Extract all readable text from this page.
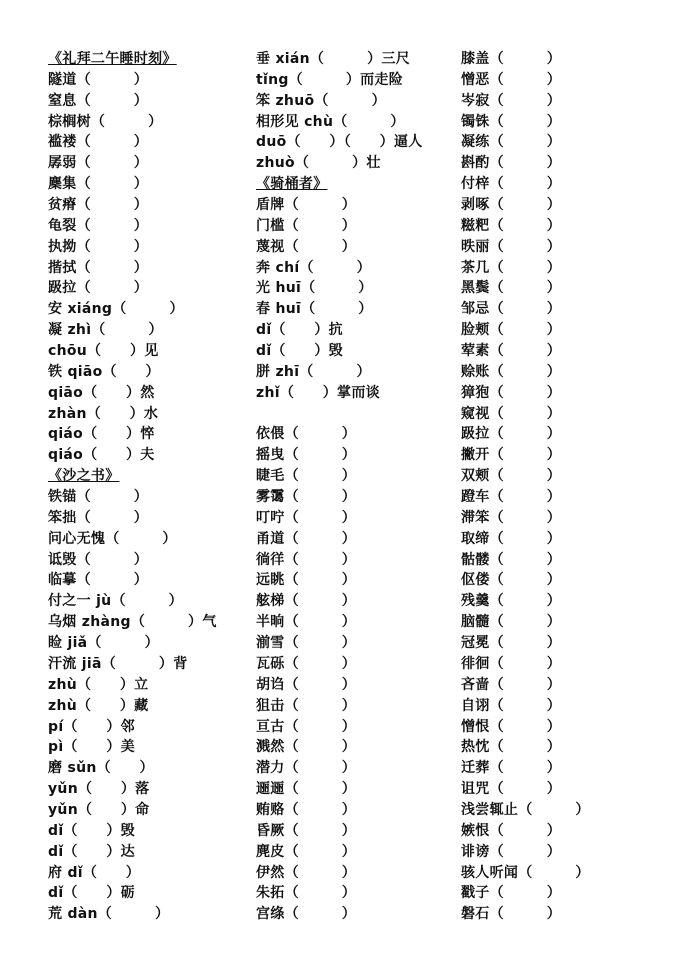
《礼拜二午睡时刻》
隧道（　　　）
窒息（　　　）
棕榈树（　　　）
褴褛（　　　）
孱弱（　　　）
麇集（　　　）
贫瘠（　　　）
龟裂（　　　）
执拗（　　　）
揩拭（　　　）
趿拉（　　　）
安 xiáng（　　　）
凝 zhì（　　　）
chōu（　　）见
铁 qiāo（　　）
qiāo（　　）然
zhàn（　　）水
qiáo（　　）悴
qiáo（　　）夫
《沙之书》
铁锚（　　　）
笨拙（　　　）
问心无愧（　　　）
诋毁（　　　）
临摹（　　　）
付之一 jù（　　　）
乌烟 zhàng（　　　）气
睑 jiǎ（　　　）
汗流 jiā（　　　）背
zhù（　　）立
zhù（　　）藏
pí（　　）邻
pì（　　）美
磨 sǔn（　　）
yǔn（　　）落
yǔn（　　）命
dǐ（　　）毁
dǐ（　　）达
府 dǐ（　　）
dǐ（　　）砺
荒 dàn（　　　）
垂 xián（　　　）三尺
tǐng（　　　）而走险
笨 zhuō（　　　）
相形见 chù（　　　）
duō（　　）（　　）逼人
zhuò（　　　）壮
《骑桶者》
盾牌（　　　）
门槛（　　　）
蔑视（　　　）
奔 chí（　　　）
光 huī（　　　）
春 huī（　　　）
dǐ（　　）抗
dǐ（　　）毁
胼 zhī（　　　）
zhǐ（　　）掌而谈
依偎（　　　）
摇曳（　　　）
睫毛（　　　）
雾霭（　　　）
叮咛（　　　）
甬道（　　　）
徜徉（　　　）
远眺（　　　）
舷梯（　　　）
半晌（　　　）
湔雪（　　　）
瓦砾（　　　）
胡诌（　　　）
狙击（　　　）
亘古（　　　）
溅然（　　　）
潜力（　　　）
逦逦（　　　）
贿赂（　　　）
昏厥（　　　）
麂皮（　　　）
伊然（　　　）
朱拓（　　　）
宫绦（　　　）
膝盖（　　　）
憎恶（　　　）
岑寂（　　　）
镯铢（　　　）
凝练（　　　）
斟酌（　　　）
付梓（　　　）
剥啄（　　　）
糍粑（　　　）
昳丽（　　　）
茶几（　　　）
黑鬓（　　　）
邹忌（　　　）
脸颊（　　　）
荤素（　　　）
赊账（　　　）
獐狍（　　　）
窥视（　　　）
趿拉（　　　）
撇开（　　　）
双颊（　　　）
蹬车（　　　）
滞笨（　　　）
取缔（　　　）
骷髅（　　　）
伛偻（　　　）
残羹（　　　）
脑髓（　　　）
冠冕（　　　）
徘徊（　　　）
吝啬（　　　）
自诩（　　　）
憎恨（　　　）
热忱（　　　）
迁葬（　　　）
诅咒（　　　）
浅尝辄止（　　　）
嫉恨（　　　）
诽谤（　　　）
骇人听闻（　　　）
戳子（　　　）
磐石（　　　）
